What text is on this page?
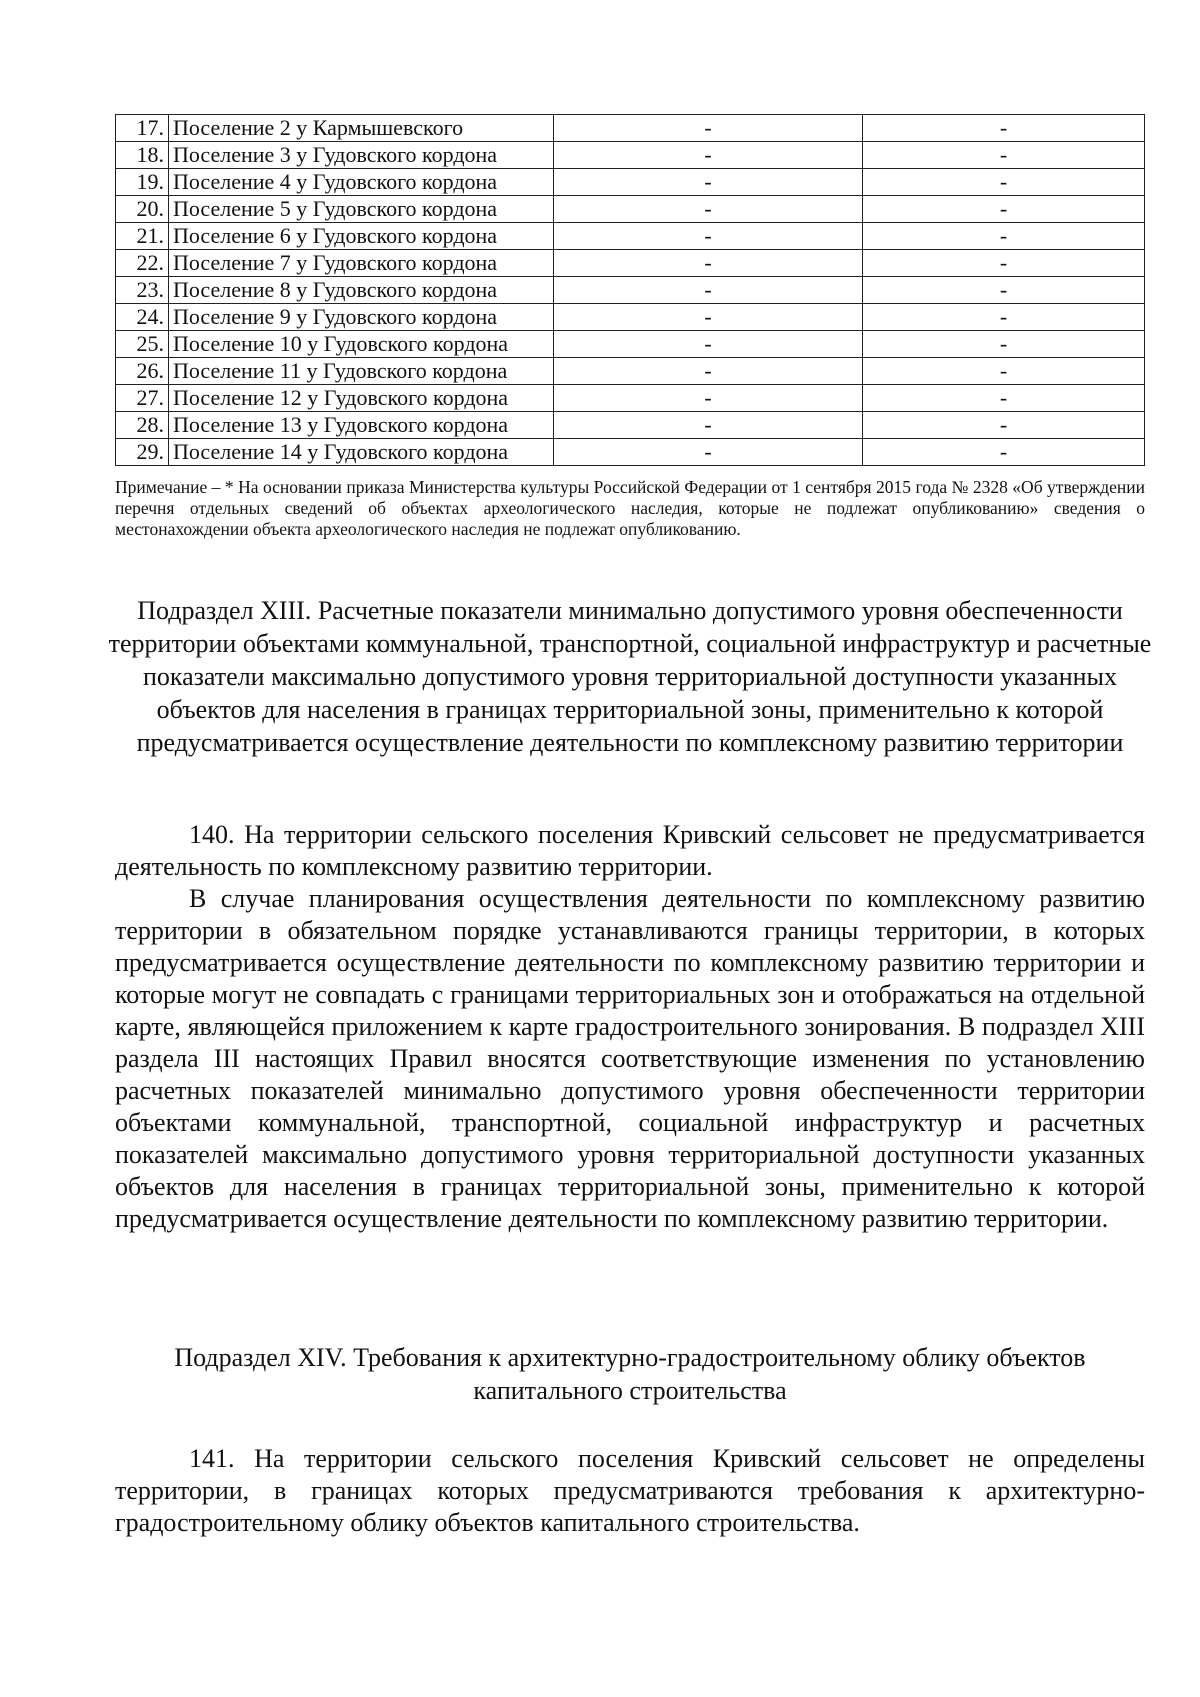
17.	Поселение 2 у Кармышевского	-	-
18.	Поселение 3 у Гудовского кордона	-	-
19.	Поселение 4 у Гудовского кордона	-	-
20.	Поселение 5 у Гудовского кордона	-	-
21.	Поселение 6 у Гудовского кордона	-	-
22.	Поселение 7 у Гудовского кордона	-	-
23.	Поселение 8 у Гудовского кордона	-	-
24.	Поселение 9 у Гудовского кордона	-	-
25.	Поселение 10 у Гудовского кордона	-	-
26.	Поселение 11 у Гудовского кордона	-	-
27.	Поселение 12 у Гудовского кордона	-	-
28.	Поселение 13 у Гудовского кордона	-	-
29.	Поселение 14 у Гудовского кордона	-	-
Примечание – * На основании приказа Министерства культуры Российской Федерации от 1 сентября 2015 года № 2328 «Об утверждении перечня отдельных сведений об объектах археологического наследия, которые не подлежат опубликованию» сведения о местонахождении объекта археологического наследия не подлежат опубликованию.
Подраздел XIII. Расчетные показатели минимально допустимого уровня обеспеченности территории объектами коммунальной, транспортной, социальной инфраструктур и расчетные показатели максимально допустимого уровня территориальной доступности указанных объектов для населения в границах территориальной зоны, применительно к которой предусматривается осуществление деятельности по комплексному развитию территории
140. На территории сельского поселения Кривский сельсовет не предусматривается деятельность по комплексному развитию территории.
В случае планирования осуществления деятельности по комплексному развитию территории в обязательном порядке устанавливаются границы территории, в которых предусматривается осуществление деятельности по комплексному развитию территории и которые могут не совпадать с границами территориальных зон и отображаться на отдельной карте, являющейся приложением к карте градостроительного зонирования. В подраздел XIII раздела III настоящих Правил вносятся соответствующие изменения по установлению расчетных показателей минимально допустимого уровня обеспеченности территории объектами коммунальной, транспортной, социальной инфраструктур и расчетных показателей максимально допустимого уровня территориальной доступности указанных объектов для населения в границах территориальной зоны, применительно к которой предусматривается осуществление деятельности по комплексному развитию территории.
Подраздел XIV. Требования к архитектурно-градостроительному облику объектов капитального строительства
141. На территории сельского поселения Кривский сельсовет не определены территории, в границах которых предусматриваются требования к архитектурно-градостроительному облику объектов капитального строительства.
